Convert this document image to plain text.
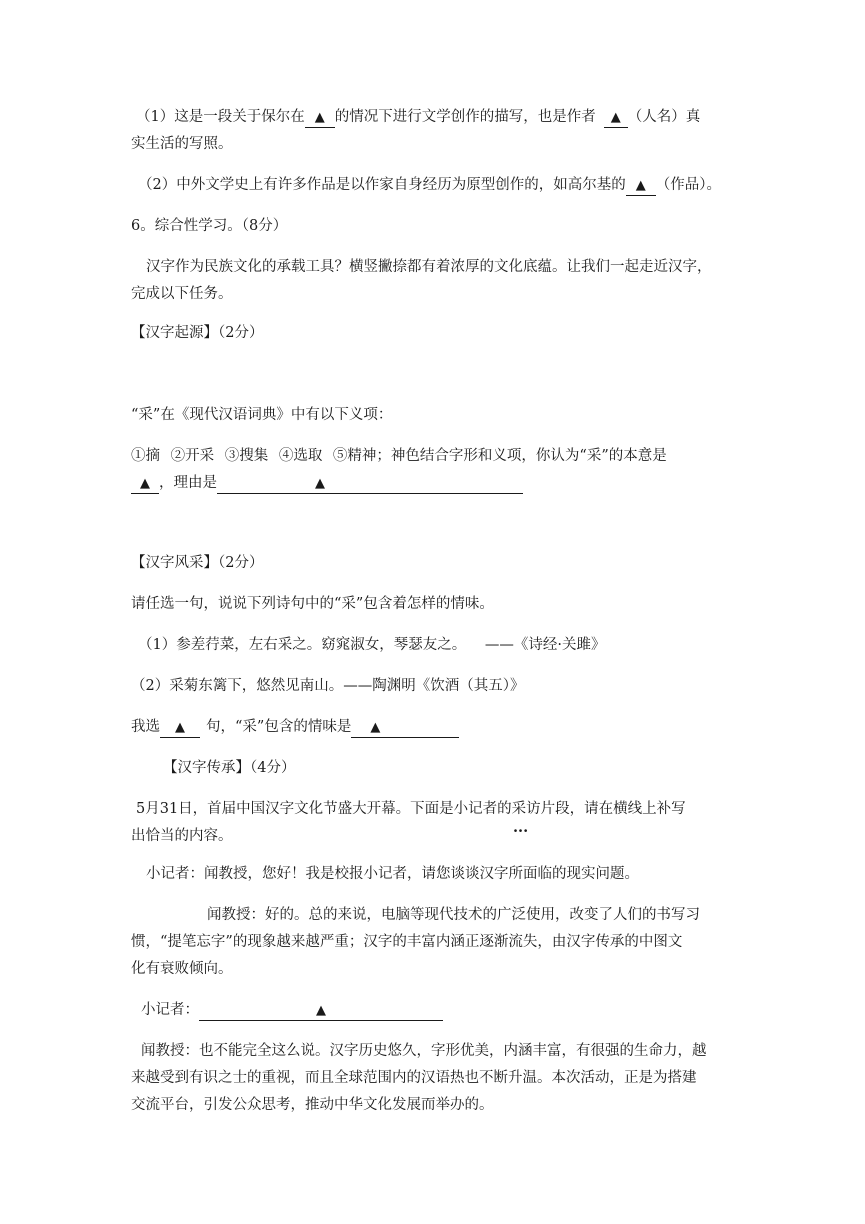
（1）这是一段关于保尔在 ▲ 的情况下进行文学创作的描写，也是作者 ▲ （人名）真
实生活的写照。
（2）中外文学史上有许多作品是以作家自身经历为原型创作的，如高尔基的 ▲ （作品）。
6。综合性学习。（8分）
汉字作为民族文化的承载工具？横竖撇捺都有着浓厚的文化底蕴。让我们一起走近汉字，
完成以下任务。
【汉字起源】（2分）
“采”在《现代汉语词典》中有以下义项：
①摘 ②开采 ③搜集 ④选取 ⑤精神；神色结合字形和义项，你认为“采”的本意是
▲ ，理由是	▲
【汉字风采】（2分）
请任选一句，说说下列诗句中的“采”包含着怎样的情味。
（1）参差荇菜，左右采之。窈窕淑女，琴瑟友之。 ——《诗经·关雎》
（2）采菊东篱下，悠然见南山。——陶渊明《饮酒（其五）》
我选 ▲ 句，“采”包含的情味是 ▲
【汉字传承】（4分）
5月31日，首届中国汉字文化节盛大开幕。下面是小记者的采访片段，请在横线上补写
出恰当的内容。	···
小记者：闻教授，您好！我是校报小记者，请您谈谈汉字所面临的现实问题。
闻教授：好的。总的来说，电脑等现代技术的广泛使用，改变了人们的书写习
惯，“提笔忘字”的现象越来越严重；汉字的丰富内涵正逐渐流失，由汉字传承的中图文
化有衰败倾向。
小记者：	▲
闻教授：也不能完全这么说。汉字历史悠久，字形优美，内涵丰富，有很强的生命力，越
来越受到有识之士的重视，而且全球范围内的汉语热也不断升温。本次活动，正是为搭建
交流平台，引发公众思考，推动中华文化发展而举办的。
